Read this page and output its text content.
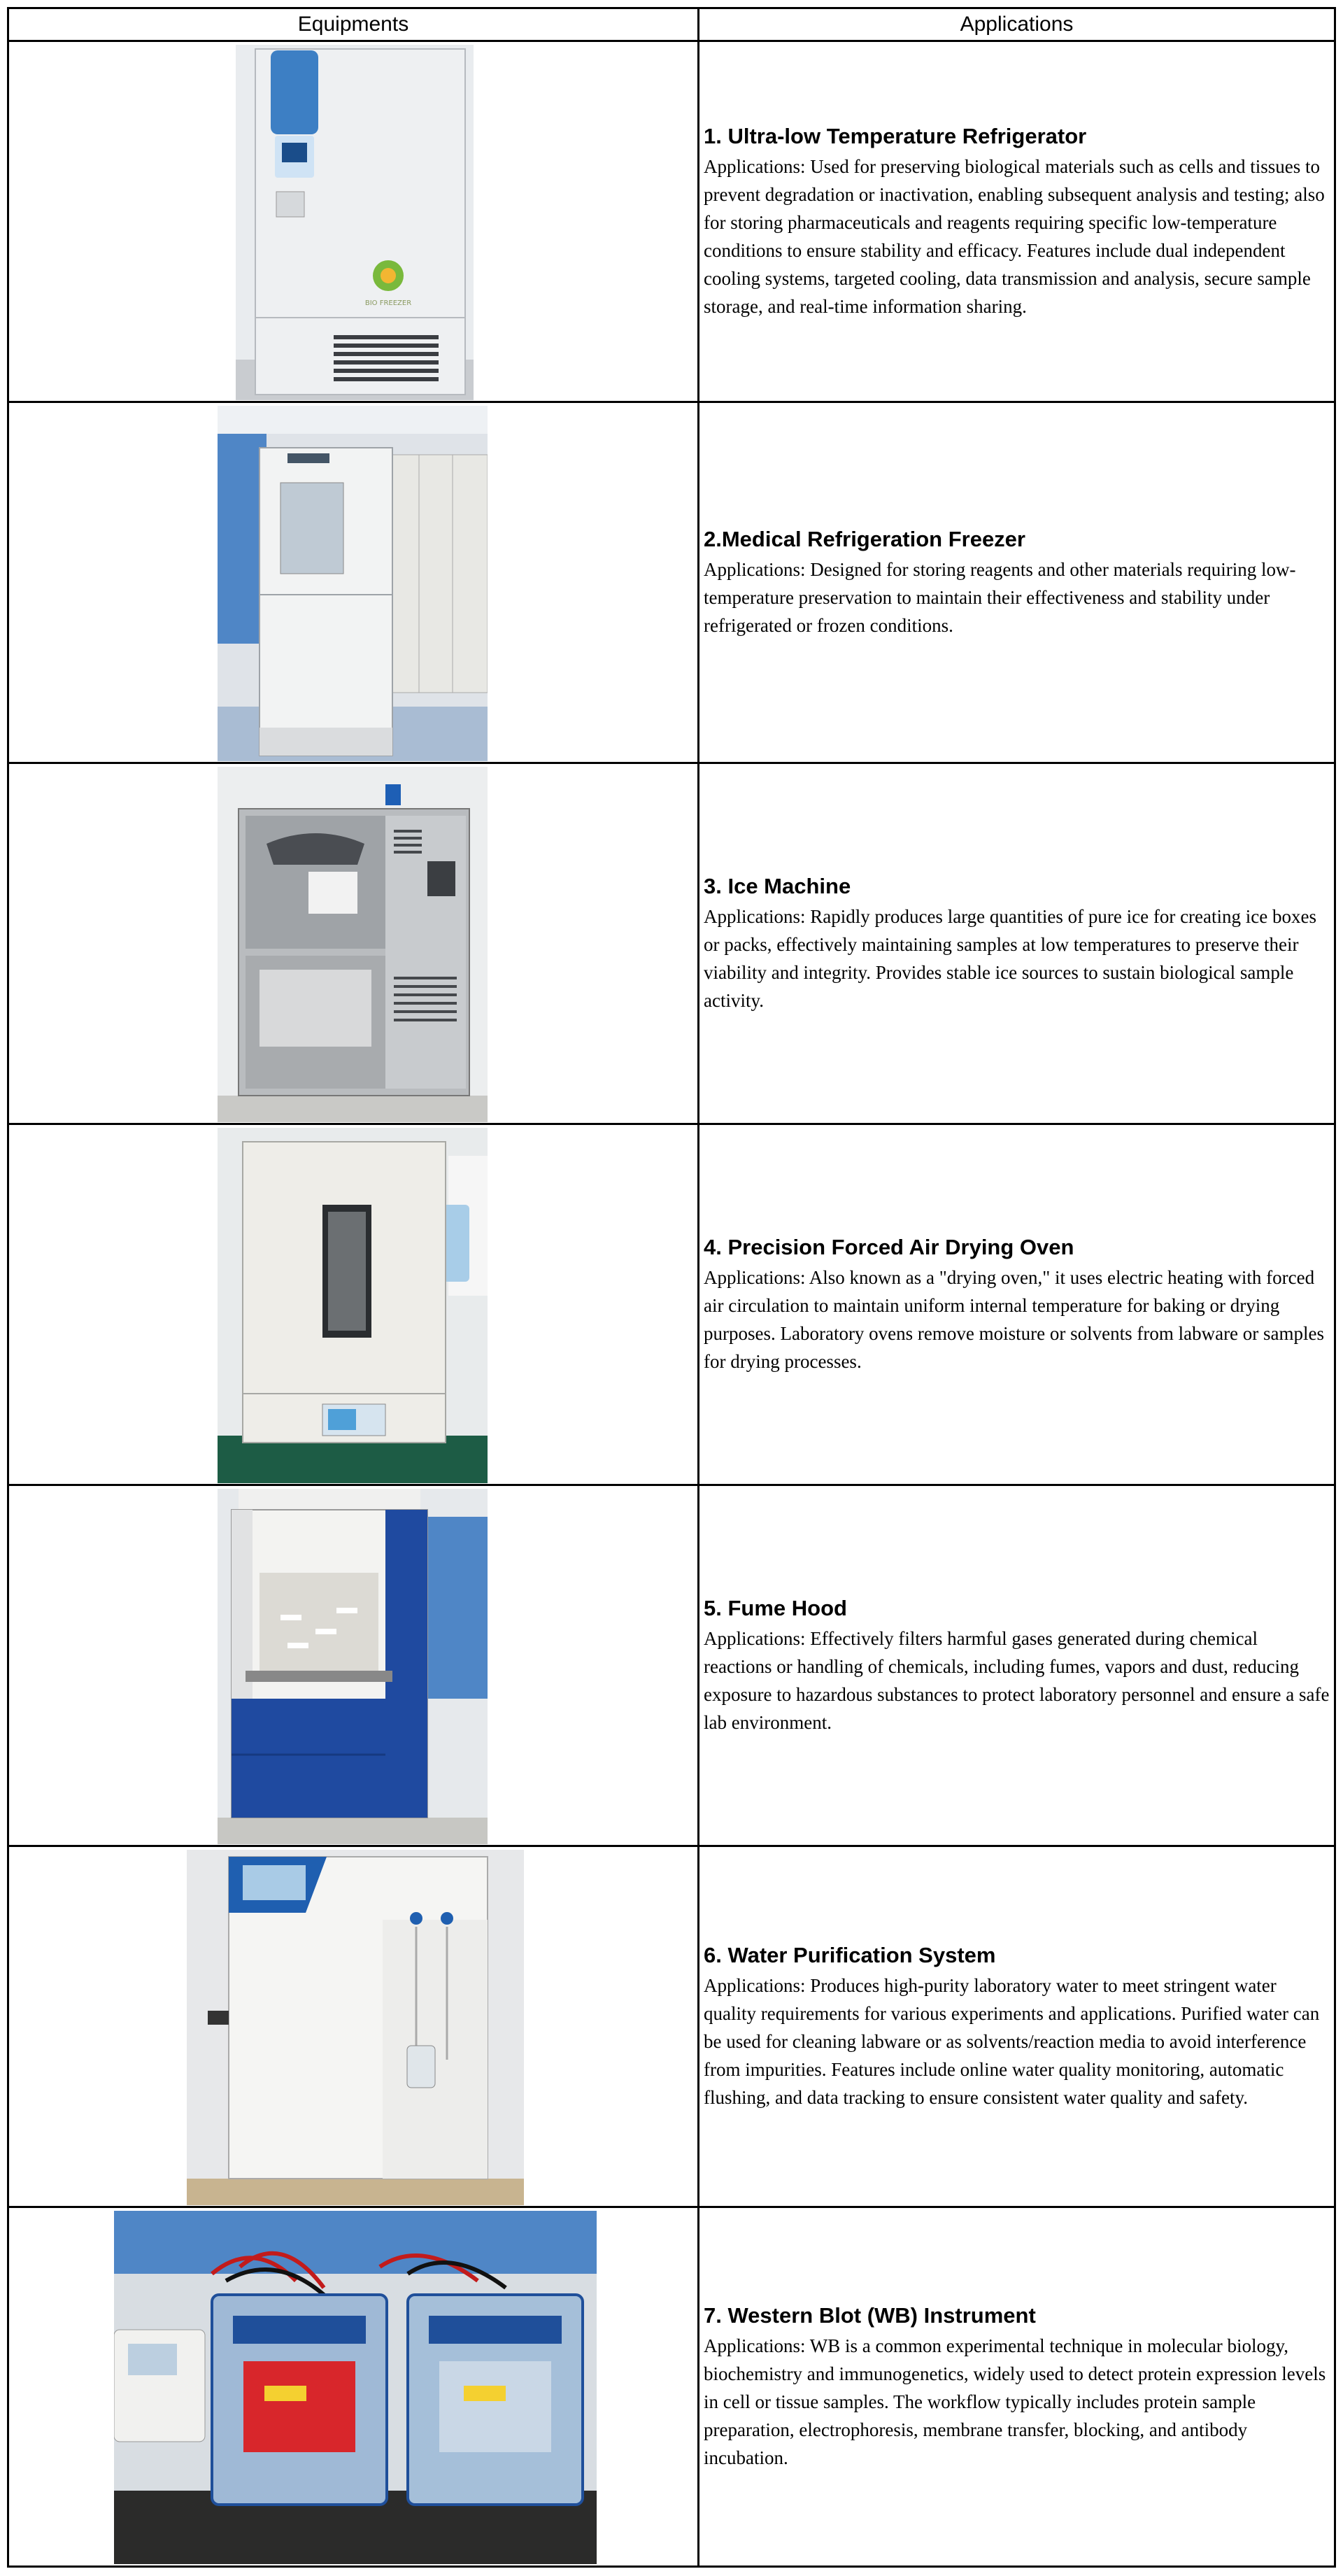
Equipments	Applications
BIO FREEZER

1. Ultra-low Temperature Refrigerator

Applications: Used for preserving biological materials such as cells and tissues to prevent degradation or inactivation, enabling subsequent analysis and testing; also for storing pharmaceuticals and reagents requiring specific low-temperature conditions to ensure stability and efficacy. Features include dual independent cooling systems, targeted cooling, data transmission and analysis, secure sample storage, and real-time information sharing.

2.Medical Refrigeration Freezer

Applications: Designed for storing reagents and other materials requiring low-temperature preservation to maintain their effectiveness and stability under refrigerated or frozen conditions.

3. Ice Machine

Applications: Rapidly produces large quantities of pure ice for creating ice boxes or packs, effectively maintaining samples at low temperatures to preserve their viability and integrity. Provides stable ice sources to sustain biological sample activity.

4. Precision Forced Air Drying Oven

Applications: Also known as a "drying oven," it uses electric heating with forced air circulation to maintain uniform internal temperature for baking or drying purposes. Laboratory ovens remove moisture or solvents from labware or samples for drying processes.

5. Fume Hood

Applications: Effectively filters harmful gases generated during chemical reactions or handling of chemicals, including fumes, vapors and dust, reducing exposure to hazardous substances to protect laboratory personnel and ensure a safe lab environment.

6. Water Purification System

Applications: Produces high-purity laboratory water to meet stringent water quality requirements for various experiments and applications. Purified water can be used for cleaning labware or as solvents/reaction media to avoid interference from impurities. Features include online water quality monitoring, automatic flushing, and data tracking to ensure consistent water quality and safety.

7. Western Blot (WB) Instrument

Applications: WB is a common experimental technique in molecular biology, biochemistry and immunogenetics, widely used to detect protein expression levels in cell or tissue samples. The workflow typically includes protein sample preparation, electrophoresis, membrane transfer, blocking, and antibody incubation.
